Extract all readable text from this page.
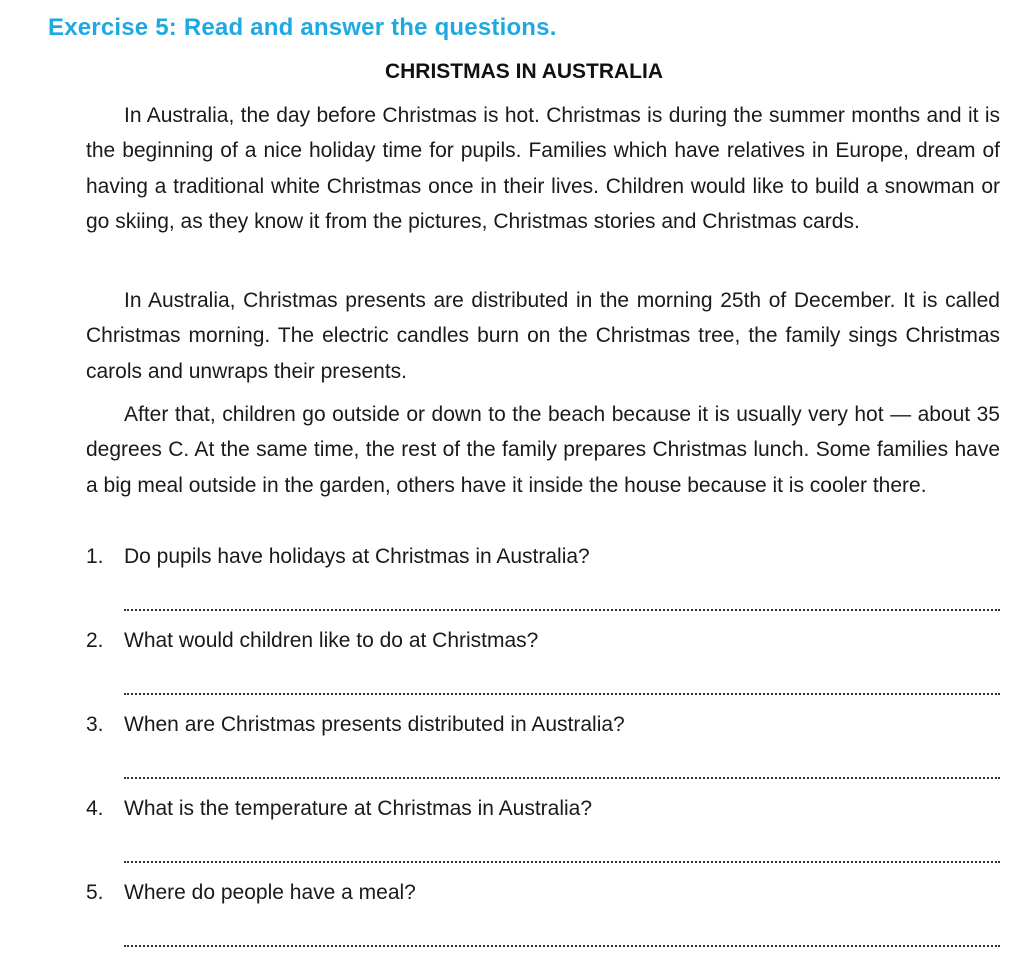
Exercise 5: Read and answer the questions.
CHRISTMAS IN AUSTRALIA

In Australia, the day before Christmas is hot. Christmas is during the summer months and it is the beginning of a nice holiday time for pupils. Families which have relatives in Europe, dream of having a traditional white Christmas once in their lives. Children would like to build a snowman or go skiing, as they know it from the pictures, Christmas stories and Christmas cards.

In Australia, Christmas presents are distributed in the morning 25th of December. It is called Christmas morning. The electric candles burn on the Christmas tree, the family sings Christmas carols and unwraps their presents.

After that, children go outside or down to the beach because it is usually very hot — about 35 degrees C. At the same time, the rest of the family prepares Christmas lunch. Some families have a big meal outside in the garden, others have it inside the house because it is cooler there.

1. Do pupils have holidays at Christmas in Australia?
2. What would children like to do at Christmas?
3. When are Christmas presents distributed in Australia?
4. What is the temperature at Christmas in Australia?
5. Where do people have a meal?
